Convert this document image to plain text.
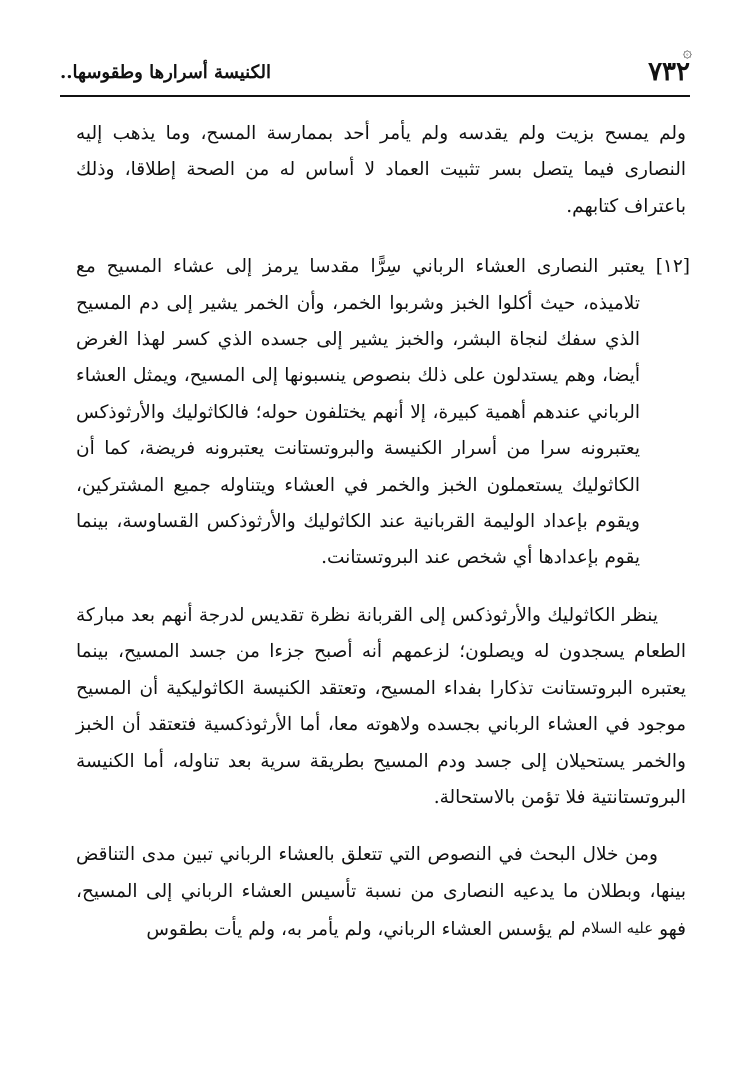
۞
٧٣٢
الكنيسة أسرارها وطقوسها..

ولم يمسح بزيت ولم يقدسه ولم يأمر أحد بممارسة المسح، وما يذهب إليه النصارى فيما يتصل بسر تثبيت العماد لا أساس له من الصحة إطلاقا، وذلك باعتراف كتابهم.

[١٢] يعتبر النصارى العشاء الرباني سِرًّا مقدسا يرمز إلى عشاء المسيح مع تلاميذه، حيث أكلوا الخبز وشربوا الخمر، وأن الخمر يشير إلى دم المسيح الذي سفك لنجاة البشر، والخبز يشير إلى جسده الذي كسر لهذا الغرض أيضا، وهم يستدلون على ذلك بنصوص ينسبونها إلى المسيح، ويمثل العشاء الرباني عندهم أهمية كبيرة، إلا أنهم يختلفون حوله؛ فالكاثوليك والأرثوذكس يعتبرونه سرا من أسرار الكنيسة والبروتستانت يعتبرونه فريضة، كما أن الكاثوليك يستعملون الخبز والخمر في العشاء ويتناوله جميع المشتركين، ويقوم بإعداد الوليمة القربانية عند الكاثوليك والأرثوذكس القساوسة، بينما يقوم بإعدادها أي شخص عند البروتستانت.

ينظر الكاثوليك والأرثوذكس إلى القربانة نظرة تقديس لدرجة أنهم بعد مباركة الطعام يسجدون له ويصلون؛ لزعمهم أنه أصبح جزءا من جسد المسيح، بينما يعتبره البروتستانت تذكارا بفداء المسيح، وتعتقد الكنيسة الكاثوليكية أن المسيح موجود في العشاء الرباني بجسده ولاهوته معا، أما الأرثوذكسية فتعتقد أن الخبز والخمر يستحيلان إلى جسد ودم المسيح بطريقة سرية بعد تناوله، أما الكنيسة البروتستانتية فلا تؤمن بالاستحالة.

ومن خلال البحث في النصوص التي تتعلق بالعشاء الرباني تبين مدى التناقض بينها، وبطلان ما يدعيه النصارى من نسبة تأسيس العشاء الرباني إلى المسيح، فهو عليه السلام لم يؤسس العشاء الرباني، ولم يأمر به، ولم يأت بطقوس
